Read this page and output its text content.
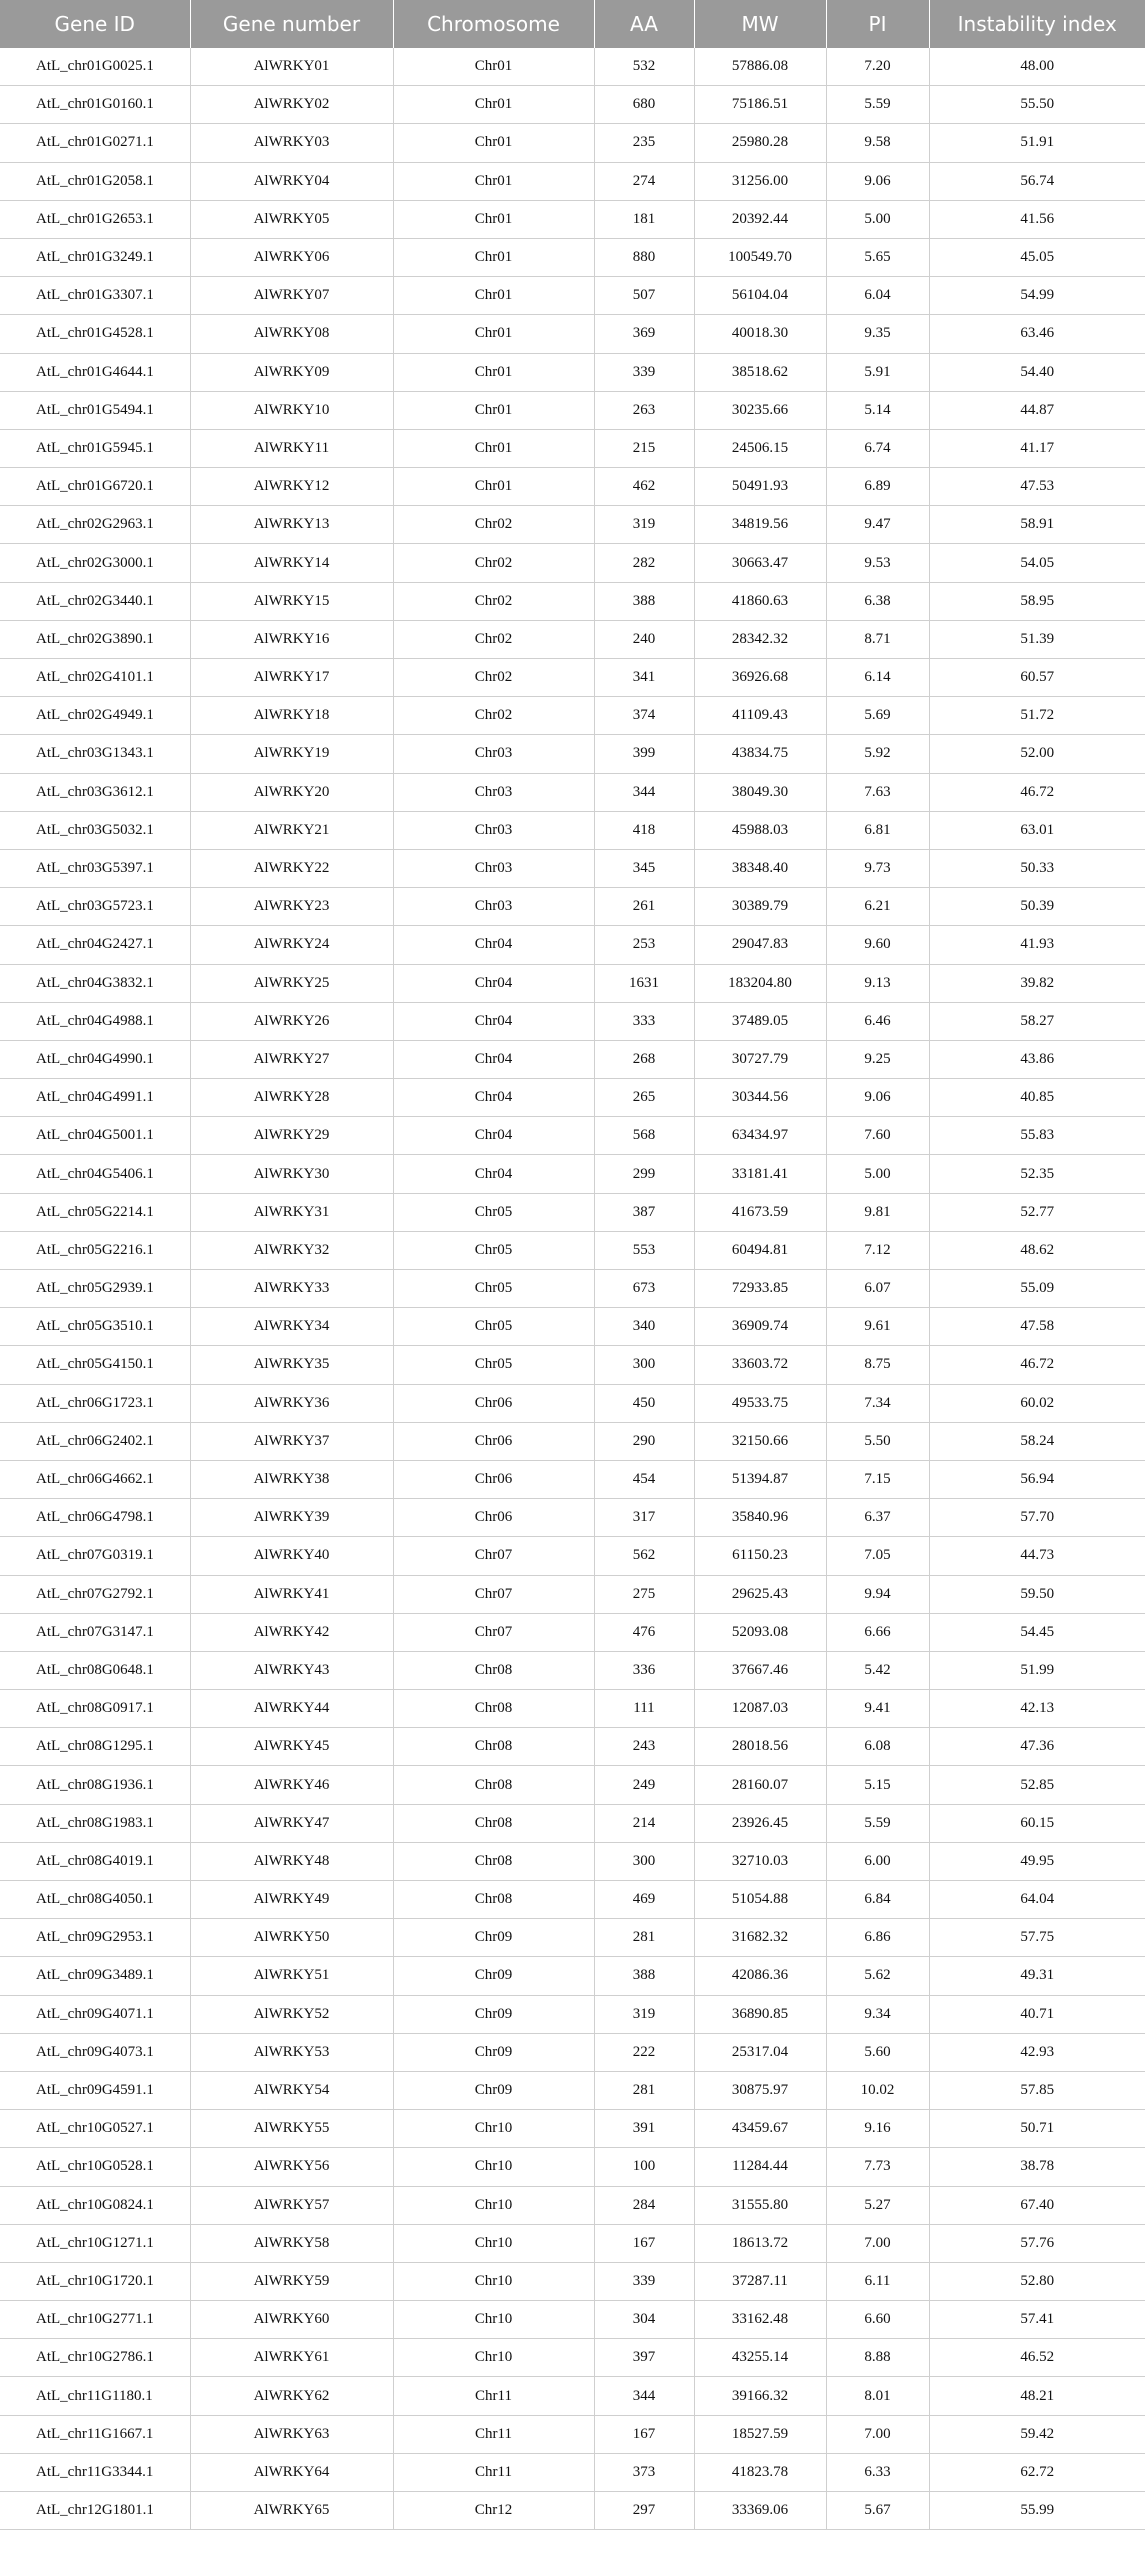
Gene ID	Gene number	Chromosome	AA	MW	PI	Instability index
AtL_chr01G0025.1	AlWRKY01	Chr01	532	57886.08	7.20	48.00
AtL_chr01G0160.1	AlWRKY02	Chr01	680	75186.51	5.59	55.50
AtL_chr01G0271.1	AlWRKY03	Chr01	235	25980.28	9.58	51.91
AtL_chr01G2058.1	AlWRKY04	Chr01	274	31256.00	9.06	56.74
AtL_chr01G2653.1	AlWRKY05	Chr01	181	20392.44	5.00	41.56
AtL_chr01G3249.1	AlWRKY06	Chr01	880	100549.70	5.65	45.05
AtL_chr01G3307.1	AlWRKY07	Chr01	507	56104.04	6.04	54.99
AtL_chr01G4528.1	AlWRKY08	Chr01	369	40018.30	9.35	63.46
AtL_chr01G4644.1	AlWRKY09	Chr01	339	38518.62	5.91	54.40
AtL_chr01G5494.1	AlWRKY10	Chr01	263	30235.66	5.14	44.87
AtL_chr01G5945.1	AlWRKY11	Chr01	215	24506.15	6.74	41.17
AtL_chr01G6720.1	AlWRKY12	Chr01	462	50491.93	6.89	47.53
AtL_chr02G2963.1	AlWRKY13	Chr02	319	34819.56	9.47	58.91
AtL_chr02G3000.1	AlWRKY14	Chr02	282	30663.47	9.53	54.05
AtL_chr02G3440.1	AlWRKY15	Chr02	388	41860.63	6.38	58.95
AtL_chr02G3890.1	AlWRKY16	Chr02	240	28342.32	8.71	51.39
AtL_chr02G4101.1	AlWRKY17	Chr02	341	36926.68	6.14	60.57
AtL_chr02G4949.1	AlWRKY18	Chr02	374	41109.43	5.69	51.72
AtL_chr03G1343.1	AlWRKY19	Chr03	399	43834.75	5.92	52.00
AtL_chr03G3612.1	AlWRKY20	Chr03	344	38049.30	7.63	46.72
AtL_chr03G5032.1	AlWRKY21	Chr03	418	45988.03	6.81	63.01
AtL_chr03G5397.1	AlWRKY22	Chr03	345	38348.40	9.73	50.33
AtL_chr03G5723.1	AlWRKY23	Chr03	261	30389.79	6.21	50.39
AtL_chr04G2427.1	AlWRKY24	Chr04	253	29047.83	9.60	41.93
AtL_chr04G3832.1	AlWRKY25	Chr04	1631	183204.80	9.13	39.82
AtL_chr04G4988.1	AlWRKY26	Chr04	333	37489.05	6.46	58.27
AtL_chr04G4990.1	AlWRKY27	Chr04	268	30727.79	9.25	43.86
AtL_chr04G4991.1	AlWRKY28	Chr04	265	30344.56	9.06	40.85
AtL_chr04G5001.1	AlWRKY29	Chr04	568	63434.97	7.60	55.83
AtL_chr04G5406.1	AlWRKY30	Chr04	299	33181.41	5.00	52.35
AtL_chr05G2214.1	AlWRKY31	Chr05	387	41673.59	9.81	52.77
AtL_chr05G2216.1	AlWRKY32	Chr05	553	60494.81	7.12	48.62
AtL_chr05G2939.1	AlWRKY33	Chr05	673	72933.85	6.07	55.09
AtL_chr05G3510.1	AlWRKY34	Chr05	340	36909.74	9.61	47.58
AtL_chr05G4150.1	AlWRKY35	Chr05	300	33603.72	8.75	46.72
AtL_chr06G1723.1	AlWRKY36	Chr06	450	49533.75	7.34	60.02
AtL_chr06G2402.1	AlWRKY37	Chr06	290	32150.66	5.50	58.24
AtL_chr06G4662.1	AlWRKY38	Chr06	454	51394.87	7.15	56.94
AtL_chr06G4798.1	AlWRKY39	Chr06	317	35840.96	6.37	57.70
AtL_chr07G0319.1	AlWRKY40	Chr07	562	61150.23	7.05	44.73
AtL_chr07G2792.1	AlWRKY41	Chr07	275	29625.43	9.94	59.50
AtL_chr07G3147.1	AlWRKY42	Chr07	476	52093.08	6.66	54.45
AtL_chr08G0648.1	AlWRKY43	Chr08	336	37667.46	5.42	51.99
AtL_chr08G0917.1	AlWRKY44	Chr08	111	12087.03	9.41	42.13
AtL_chr08G1295.1	AlWRKY45	Chr08	243	28018.56	6.08	47.36
AtL_chr08G1936.1	AlWRKY46	Chr08	249	28160.07	5.15	52.85
AtL_chr08G1983.1	AlWRKY47	Chr08	214	23926.45	5.59	60.15
AtL_chr08G4019.1	AlWRKY48	Chr08	300	32710.03	6.00	49.95
AtL_chr08G4050.1	AlWRKY49	Chr08	469	51054.88	6.84	64.04
AtL_chr09G2953.1	AlWRKY50	Chr09	281	31682.32	6.86	57.75
AtL_chr09G3489.1	AlWRKY51	Chr09	388	42086.36	5.62	49.31
AtL_chr09G4071.1	AlWRKY52	Chr09	319	36890.85	9.34	40.71
AtL_chr09G4073.1	AlWRKY53	Chr09	222	25317.04	5.60	42.93
AtL_chr09G4591.1	AlWRKY54	Chr09	281	30875.97	10.02	57.85
AtL_chr10G0527.1	AlWRKY55	Chr10	391	43459.67	9.16	50.71
AtL_chr10G0528.1	AlWRKY56	Chr10	100	11284.44	7.73	38.78
AtL_chr10G0824.1	AlWRKY57	Chr10	284	31555.80	5.27	67.40
AtL_chr10G1271.1	AlWRKY58	Chr10	167	18613.72	7.00	57.76
AtL_chr10G1720.1	AlWRKY59	Chr10	339	37287.11	6.11	52.80
AtL_chr10G2771.1	AlWRKY60	Chr10	304	33162.48	6.60	57.41
AtL_chr10G2786.1	AlWRKY61	Chr10	397	43255.14	8.88	46.52
AtL_chr11G1180.1	AlWRKY62	Chr11	344	39166.32	8.01	48.21
AtL_chr11G1667.1	AlWRKY63	Chr11	167	18527.59	7.00	59.42
AtL_chr11G3344.1	AlWRKY64	Chr11	373	41823.78	6.33	62.72
AtL_chr12G1801.1	AlWRKY65	Chr12	297	33369.06	5.67	55.99
